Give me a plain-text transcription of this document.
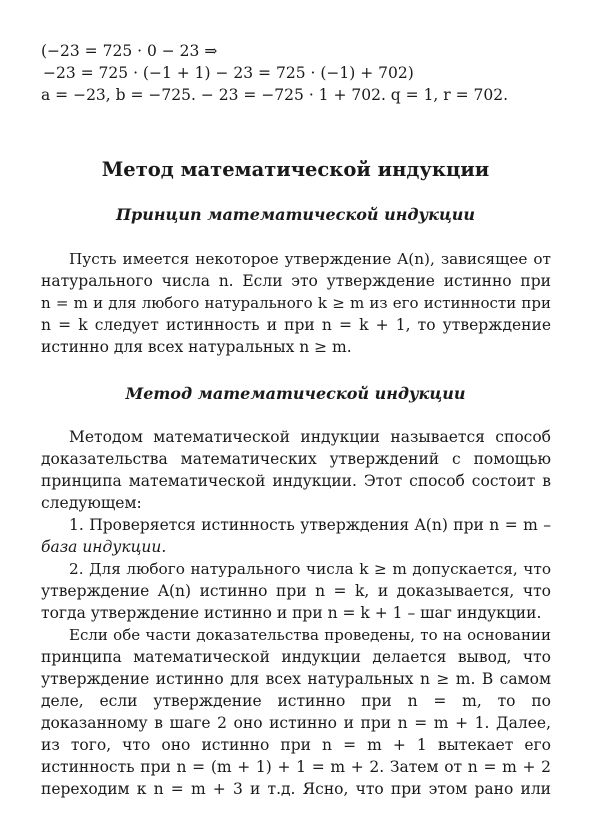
(−23 = 725 · 0 − 23 ⇒
−23 = 725 · (−1 + 1) − 23 = 725 · (−1) + 702)
a = −23, b = −725. − 23 = −725 · 1 + 702. q = 1, r = 702.
Метод математической индукции
Принцип математической индукции
Пусть имеется некоторое утверждение A(n), зависящее от
натурального числа n. Если это утверждение истинно при
n = m и для любого натурального k ≥ m из его истинности при
n = k следует истинность и при n = k + 1, то утверждение
истинно для всех натуральных n ≥ m.
Метод математической индукции
Методом математической индукции называется способ
доказательства математических утверждений с помощью
принципа математической индукции. Этот способ состоит в
следующем:
1. Проверяется истинность утверждения A(n) при n = m –
база индукции.
2. Для любого натурального числа k ≥ m допускается, что
утверждение A(n) истинно при n = k, и доказывается, что
тогда утверждение истинно и при n = k + 1 – шаг индукции.
Если обе части доказательства проведены, то на основании
принципа математической индукции делается вывод, что
утверждение истинно для всех натуральных n ≥ m. В самом
деле, если утверждение истинно при n = m, то по
доказанному в шаге 2 оно истинно и при n = m + 1. Далее,
из того, что оно истинно при n = m + 1 вытекает его
истинность при n = (m + 1) + 1 = m + 2. Затем от n = m + 2
переходим к n = m + 3 и т.д. Ясно, что при этом рано или
